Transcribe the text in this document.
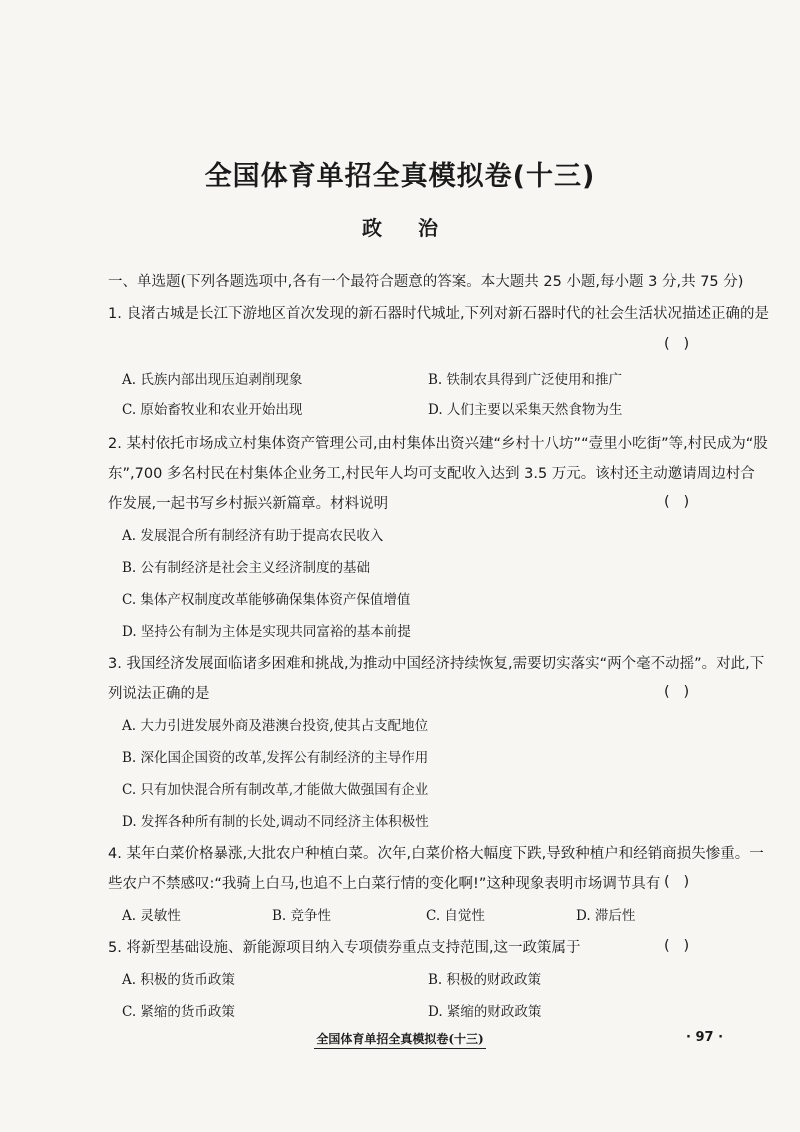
全国体育单招全真模拟卷(十三)
政治
一、单选题(下列各题选项中,各有一个最符合题意的答案。本大题共 25 小题,每小题 3 分,共 75 分)
1. 良渚古城是长江下游地区首次发现的新石器时代城址,下列对新石器时代的社会生活状况描述正确的是
(   )
A. 氏族内部出现压迫剥削现象	B. 铁制农具得到广泛使用和推广
C. 原始畜牧业和农业开始出现	D. 人们主要以采集天然食物为生
2. 某村依托市场成立村集体资产管理公司,由村集体出资兴建“乡村十八坊”“壹里小吃街”等,村民成为“股
东”,700 多名村民在村集体企业务工,村民年人均可支配收入达到 3.5 万元。该村还主动邀请周边村合
作发展,一起书写乡村振兴新篇章。材料说明	(   )
A. 发展混合所有制经济有助于提高农民收入
B. 公有制经济是社会主义经济制度的基础
C. 集体产权制度改革能够确保集体资产保值增值
D. 坚持公有制为主体是实现共同富裕的基本前提
3. 我国经济发展面临诸多困难和挑战,为推动中国经济持续恢复,需要切实落实“两个毫不动摇”。对此,下
列说法正确的是	(   )
A. 大力引进发展外商及港澳台投资,使其占支配地位
B. 深化国企国资的改革,发挥公有制经济的主导作用
C. 只有加快混合所有制改革,才能做大做强国有企业
D. 发挥各种所有制的长处,调动不同经济主体积极性
4. 某年白菜价格暴涨,大批农户种植白菜。次年,白菜价格大幅度下跌,导致种植户和经销商损失惨重。一
些农户不禁感叹:“我骑上白马,也追不上白菜行情的变化啊!”这种现象表明市场调节具有 (   )
A. 灵敏性	B. 竞争性	C. 自觉性	D. 滞后性
5. 将新型基础设施、新能源项目纳入专项债券重点支持范围,这一政策属于	(   )
A. 积极的货币政策	B. 积极的财政政策
C. 紧缩的货币政策	D. 紧缩的财政政策
全国体育单招全真模拟卷(十三)	· 97 ·
